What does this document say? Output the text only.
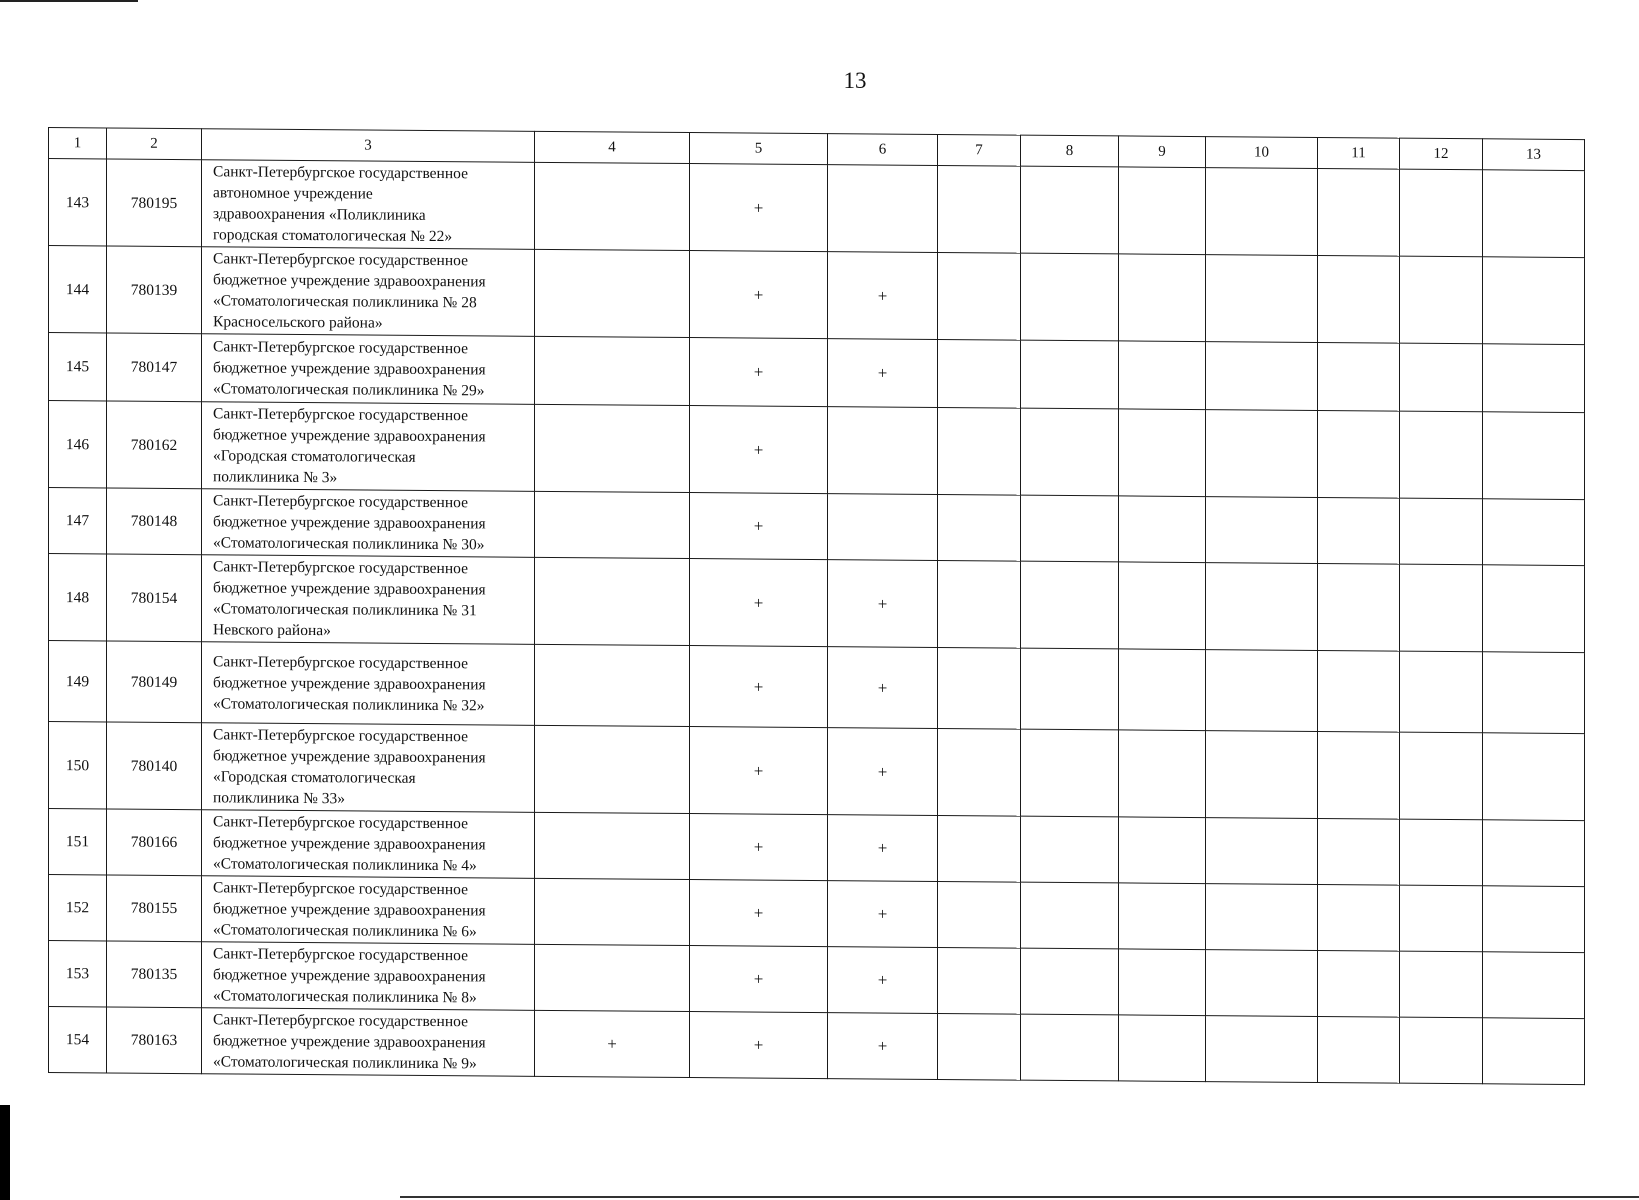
13
1	2	3	4	5	6	7	8	9	10	11	12	13
143	780195	Санкт-Петербургское государственное
автономное учреждение
здравоохранения «Поликлиника
городская стоматологическая № 22»		+								
144	780139	Санкт-Петербургское государственное
бюджетное учреждение здравоохранения
«Стоматологическая поликлиника № 28
Красносельского района»		+	+							
145	780147	Санкт-Петербургское государственное
бюджетное учреждение здравоохранения
«Стоматологическая поликлиника № 29»		+	+							
146	780162	Санкт-Петербургское государственное
бюджетное учреждение здравоохранения
«Городская стоматологическая
поликлиника № 3»		+								
147	780148	Санкт-Петербургское государственное
бюджетное учреждение здравоохранения
«Стоматологическая поликлиника № 30»		+								
148	780154	Санкт-Петербургское государственное
бюджетное учреждение здравоохранения
«Стоматологическая поликлиника № 31
Невского района»		+	+							
149	780149	Санкт-Петербургское государственное
бюджетное учреждение здравоохранения
«Стоматологическая поликлиника № 32»		+	+							
150	780140	Санкт-Петербургское государственное
бюджетное учреждение здравоохранения
«Городская стоматологическая
поликлиника № 33»		+	+							
151	780166	Санкт-Петербургское государственное
бюджетное учреждение здравоохранения
«Стоматологическая поликлиника № 4»		+	+							
152	780155	Санкт-Петербургское государственное
бюджетное учреждение здравоохранения
«Стоматологическая поликлиника № 6»		+	+							
153	780135	Санкт-Петербургское государственное
бюджетное учреждение здравоохранения
«Стоматологическая поликлиника № 8»		+	+							
154	780163	Санкт-Петербургское государственное
бюджетное учреждение здравоохранения
«Стоматологическая поликлиника № 9»	+	+	+							
